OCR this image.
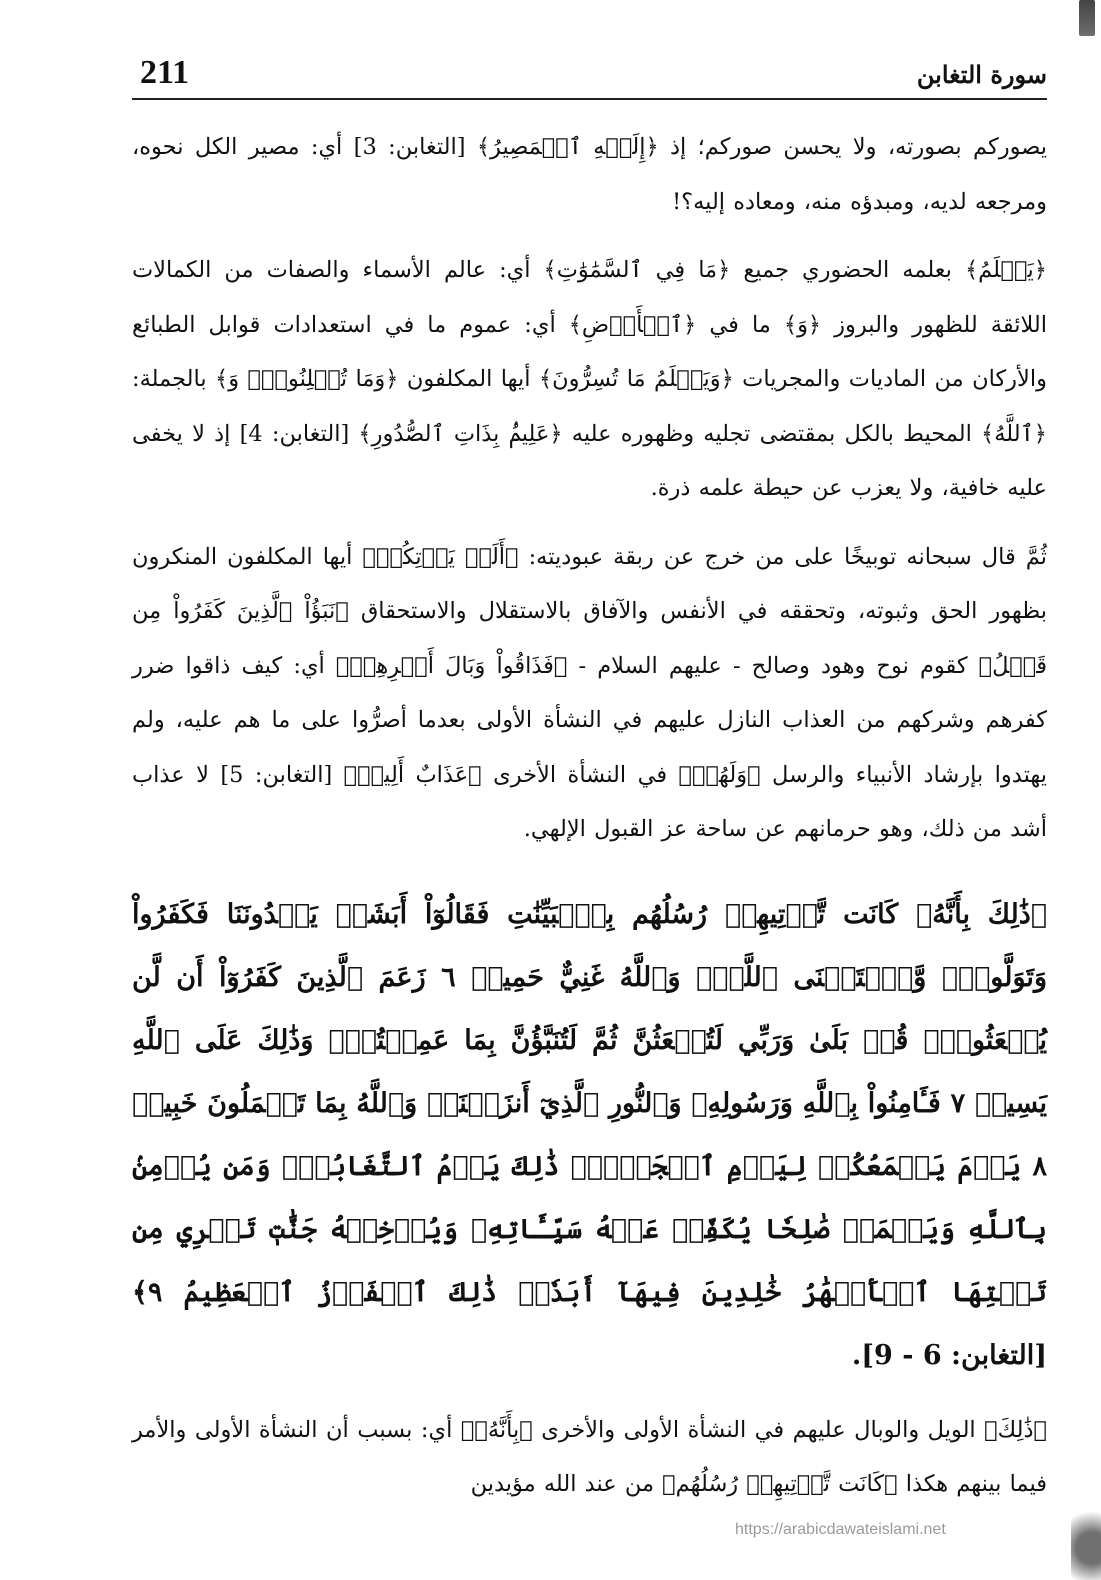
211	سورة التغابن

يصوركم بصورته، ولا يحسن صوركم؛ إذ ﴿إِلَيۡهِ ٱلۡمَصِيرُ﴾ [التغابن: 3] أي: مصير الكل نحوه، ومرجعه لديه، ومبدؤه منه، ومعاده إليه؟!

﴿يَعۡلَمُ﴾ بعلمه الحضوري جميع ﴿مَا فِي ٱلسَّمَٰوَٰتِ﴾ أي: عالم الأسماء والصفات من الكمالات اللائقة للظهور والبروز ﴿وَ﴾ ما في ﴿ٱلۡأَرۡضِ﴾ أي: عموم ما في استعدادات قوابل الطبائع والأركان من الماديات والمجريات ﴿وَيَعۡلَمُ مَا تُسِرُّونَ﴾ أيها المكلفون ﴿وَمَا تُعۡلِنُونَۚ وَ﴾ بالجملة: ﴿ٱللَّهُ﴾ المحيط بالكل بمقتضى تجليه وظهوره عليه ﴿عَلِيمُۢ بِذَاتِ ٱلصُّدُورِ﴾ [التغابن: 4] إذ لا يخفى عليه خافية، ولا يعزب عن حيطة علمه ذرة.

ثُمَّ قال سبحانه توبيخًا على من خرج عن ربقة عبوديته: ﴿أَلَمۡ يَأۡتِكُمۡ﴾ أيها المكلفون المنكرون بظهور الحق وثبوته، وتحققه في الأنفس والآفاق بالاستقلال والاستحقاق ﴿نَبَؤُاْ ٱلَّذِينَ كَفَرُواْ مِن قَبۡلُ﴾ كقوم نوح وهود وصالح - عليهم السلام - ﴿فَذَاقُواْ وَبَالَ أَمۡرِهِمۡ﴾ أي: كيف ذاقوا ضرر كفرهم وشركهم من العذاب النازل عليهم في النشأة الأولى بعدما أصرُّوا على ما هم عليه، ولم يهتدوا بإرشاد الأنبياء والرسل ﴿وَلَهُمۡ﴾ في النشأة الأخرى ﴿عَذَابٌ أَلِيمٞ﴾ [التغابن: 5] لا عذاب أشد من ذلك، وهو حرمانهم عن ساحة عز القبول الإلهي.

﴿ذَٰلِكَ بِأَنَّهُۥ كَانَت تَّأۡتِيهِمۡ رُسُلُهُم بِٱلۡبَيِّنَٰتِ فَقَالُوٓاْ أَبَشَرٞ يَهۡدُونَنَا فَكَفَرُواْ وَتَوَلَّواْۚ وَّٱسۡتَغۡنَى ٱللَّهُۚ وَٱللَّهُ غَنِيٌّ حَمِيدٞ ٦ زَعَمَ ٱلَّذِينَ كَفَرُوٓاْ أَن لَّن يُبۡعَثُواْۚ قُلۡ بَلَىٰ وَرَبِّي لَتُبۡعَثُنَّ ثُمَّ لَتُنَبَّؤُنَّ بِمَا عَمِلۡتُمۡۚ وَذَٰلِكَ عَلَى ٱللَّهِ يَسِيرٞ ٧ فَـَٔامِنُواْ بِٱللَّهِ وَرَسُولِهِۦ وَٱلنُّورِ ٱلَّذِيٓ أَنزَلۡنَاۚ وَٱللَّهُ بِمَا تَعۡمَلُونَ خَبِيرٞ ٨ يَوۡمَ يَجۡمَعُكُمۡ لِيَوۡمِ ٱلۡجَمۡعِۖ ذَٰلِكَ يَوۡمُ ٱلتَّغَابُنِۗ وَمَن يُؤۡمِنۢ بِٱللَّهِ وَيَعۡمَلۡ صَٰلِحٗا يُكَفِّرۡ عَنۡهُ سَيِّـَٔاتِهِۦ وَيُدۡخِلۡهُ جَنَّٰتٖ تَجۡرِي مِن تَحۡتِهَا ٱلۡأَنۡهَٰرُ خَٰلِدِينَ فِيهَآ أَبَدٗاۚ ذَٰلِكَ ٱلۡفَوۡزُ ٱلۡعَظِيمُ ٩﴾ [التغابن: 6 - 9].

﴿ذَٰلِكَ﴾ الويل والوبال عليهم في النشأة الأولى والأخرى ﴿بِأَنَّهُۥ﴾ أي: بسبب أن النشأة الأولى والأمر فيما بينهم هكذا ﴿كَانَت تَّأۡتِيهِمۡ رُسُلُهُم﴾ من عند الله مؤيدين

https://arabicdawateislami.net
